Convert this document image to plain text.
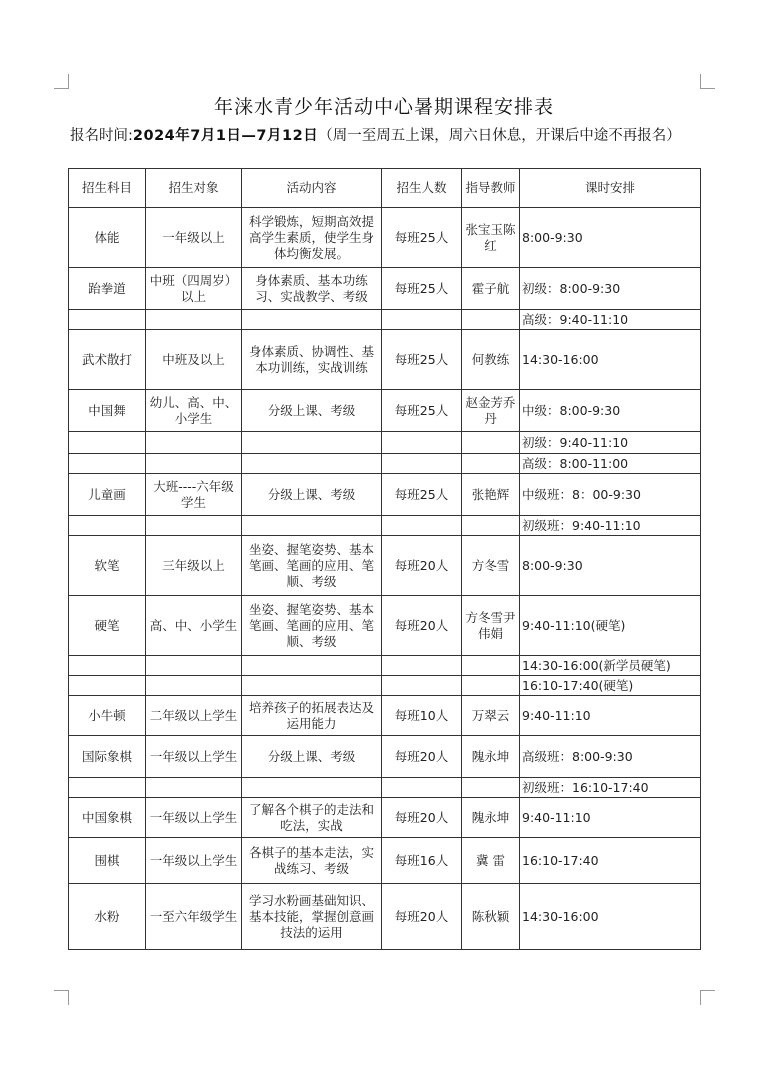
年涞水青少年活动中心暑期课程安排表
报名时间:2024年7月1日—7月12日（周一至周五上课，周六日休息，开课后中途不再报名）
招生科目	招生对象	活动内容	招生人数	指导教师	课时安排
体能	一年级以上	科学锻炼，短期高效提高学生素质，使学生身体均衡发展。	每班25人	张宝玉陈红	8:00-9:30
跆拳道	中班（四周岁）以上	身体素质、基本功练习、实战教学、考级	每班25人	霍子航	初级：8:00-9:30
					高级：9:40-11:10
武术散打	中班及以上	身体素质、协调性、基本功训练，实战训练	每班25人	何教练	14:30-16:00
中国舞	幼儿、高、中、小学生	分级上课、考级	每班25人	赵金芳乔丹	中级：8:00-9:30
					初级：9:40-11:10
					高级：8:00-11:00
儿童画	大班----六年级学生	分级上课、考级	每班25人	张艳辉	中级班：8：00-9:30
					初级班：9:40-11:10
软笔	三年级以上	坐姿、握笔姿势、基本笔画、笔画的应用、笔顺、考级	每班20人	方冬雪	8:00-9:30
硬笔	高、中、小学生	坐姿、握笔姿势、基本笔画、笔画的应用、笔顺、考级	每班20人	方冬雪尹伟娟	9:40-11:10(硬笔)
					14:30-16:00(新学员硬笔)
					16:10-17:40(硬笔)
小牛顿	二年级以上学生	培养孩子的拓展表达及运用能力	每班10人	万翠云	9:40-11:10
国际象棋	一年级以上学生	分级上课、考级	每班20人	隗永坤	高级班：8:00-9:30
					初级班：16:10-17:40
中国象棋	一年级以上学生	了解各个棋子的走法和吃法，实战	每班20人	隗永坤	9:40-11:10
围棋	一年级以上学生	各棋子的基本走法，实战练习、考级	每班16人	冀 雷	16:10-17:40
水粉	一至六年级学生	学习水粉画基础知识、基本技能，掌握创意画技法的运用	每班20人	陈秋颖	14:30-16:00
